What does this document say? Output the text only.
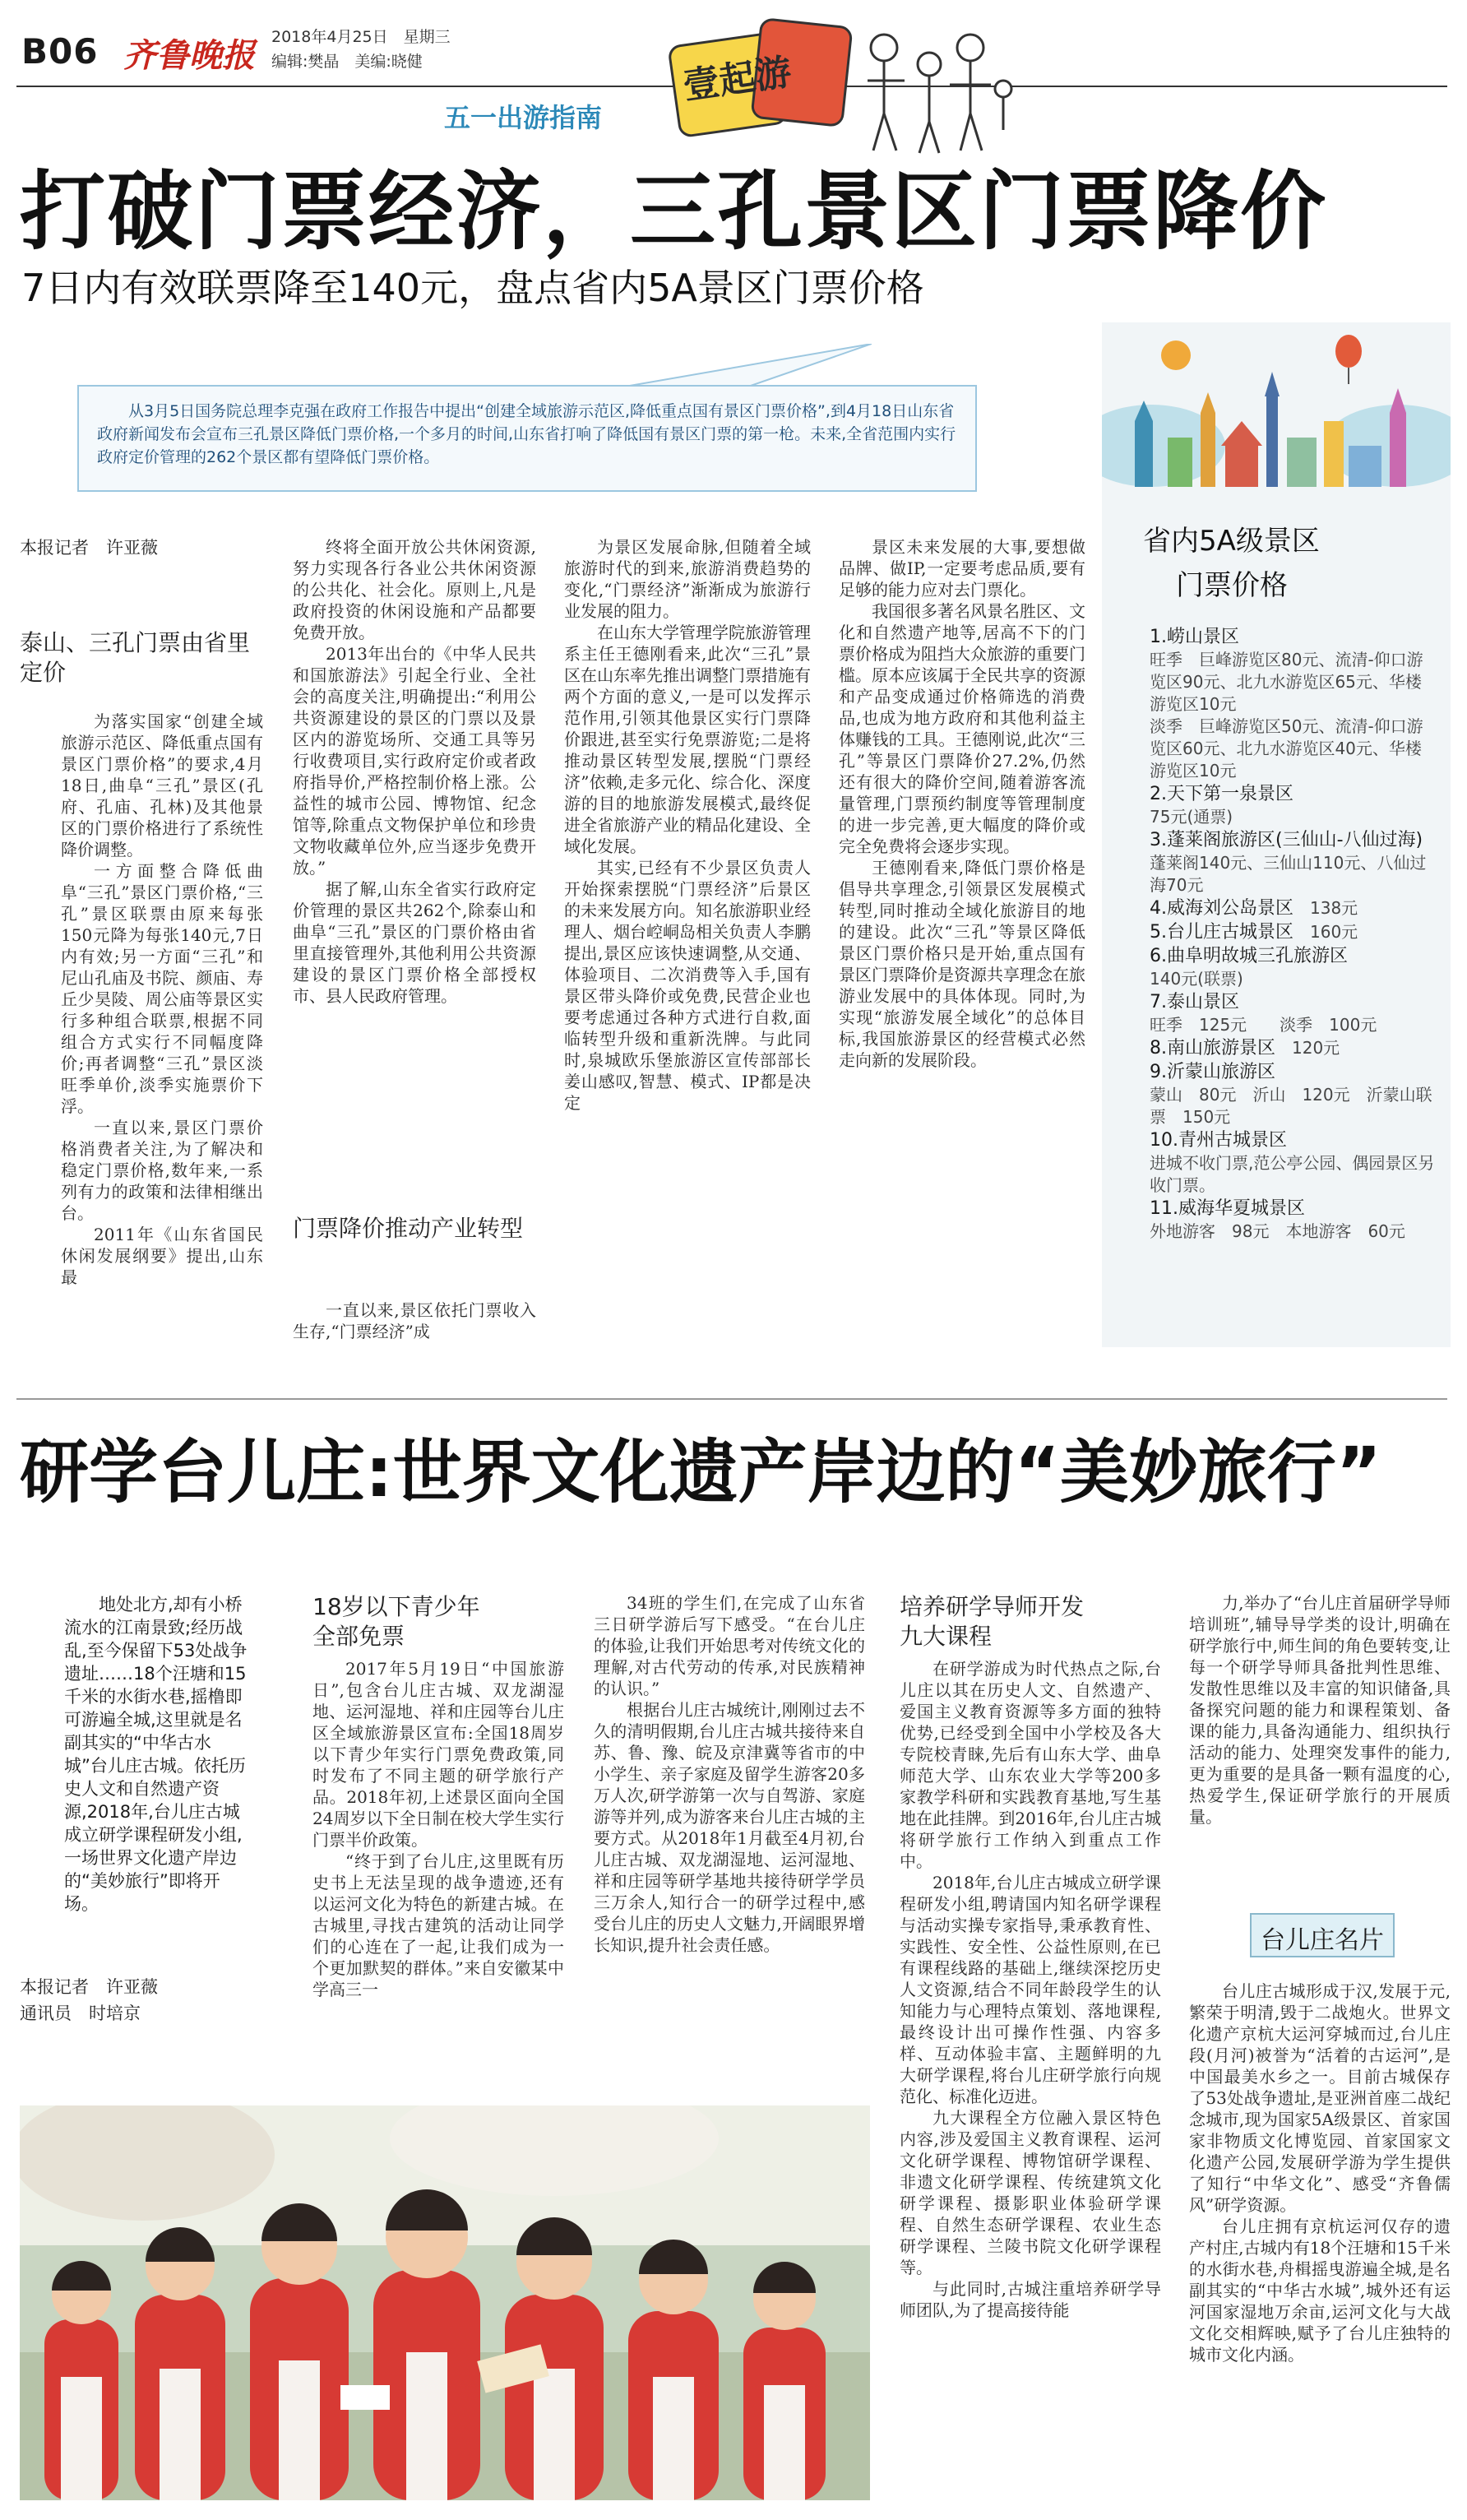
B06 齐鲁晚报 2018年4月25日　星期三
编辑:樊晶　美编:晓健	壹起游
五一出游指南
打破门票经济，三孔景区门票降价
7日内有效联票降至140元，盘点省内5A景区门票价格
从3月5日国务院总理李克强在政府工作报告中提出“创建全域旅游示范区,降低重点国有景区门票价格”,到4月18日山东省政府新闻发布会宣布三孔景区降低门票价格,一个多月的时间,山东省打响了降低国有景区门票的第一枪。未来,全省范围内实行政府定价管理的262个景区都有望降低门票价格。
本报记者　许亚薇
泰山、三孔门票由省里定价

为落实国家“创建全域旅游示范区、降低重点国有景区门票价格”的要求,4月18日,曲阜“三孔”景区(孔府、孔庙、孔林)及其他景区的门票价格进行了系统性降价调整。

一方面整合降低曲阜“三孔”景区门票价格,“三孔”景区联票由原来每张150元降为每张140元,7日内有效;另一方面“三孔”和尼山孔庙及书院、颜庙、寿丘少昊陵、周公庙等景区实行多种组合联票,根据不同组合方式实行不同幅度降价;再者调整“三孔”景区淡旺季单价,淡季实施票价下浮。

一直以来,景区门票价格消费者关注,为了解决和稳定门票价格,数年来,一系列有力的政策和法律相继出台。

2011年《山东省国民休闲发展纲要》提出,山东最

终将全面开放公共休闲资源,努力实现各行各业公共休闲资源的公共化、社会化。原则上,凡是政府投资的休闲设施和产品都要免费开放。

2013年出台的《中华人民共和国旅游法》引起全行业、全社会的高度关注,明确提出:“利用公共资源建设的景区的门票以及景区内的游览场所、交通工具等另行收费项目,实行政府定价或者政府指导价,严格控制价格上涨。公益性的城市公园、博物馆、纪念馆等,除重点文物保护单位和珍贵文物收藏单位外,应当逐步免费开放。”

据了解,山东全省实行政府定价管理的景区共262个,除泰山和曲阜“三孔”景区的门票价格由省里直接管理外,其他利用公共资源建设的景区门票价格全部授权市、县人民政府管理。

门票降价推动产业转型

一直以来,景区依托门票收入生存,“门票经济”成

为景区发展命脉,但随着全域旅游时代的到来,旅游消费趋势的变化,“门票经济”渐渐成为旅游行业发展的阻力。

在山东大学管理学院旅游管理系主任王德刚看来,此次“三孔”景区在山东率先推出调整门票措施有两个方面的意义,一是可以发挥示范作用,引领其他景区实行门票降价跟进,甚至实行免票游览;二是将推动景区转型发展,摆脱“门票经济”依赖,走多元化、综合化、深度游的目的地旅游发展模式,最终促进全省旅游产业的精品化建设、全域化发展。

其实,已经有不少景区负责人开始探索摆脱“门票经济”后景区的未来发展方向。知名旅游职业经理人、烟台崆峒岛相关负责人李鹏提出,景区应该快速调整,从交通、体验项目、二次消费等入手,国有景区带头降价或免费,民营企业也要考虑通过各种方式进行自救,面临转型升级和重新洗牌。与此同时,泉城欧乐堡旅游区宣传部部长姜山感叹,智慧、模式、IP都是决定

景区未来发展的大事,要想做品牌、做IP,一定要考虑品质,要有足够的能力应对去门票化。

我国很多著名风景名胜区、文化和自然遗产地等,居高不下的门票价格成为阻挡大众旅游的重要门槛。原本应该属于全民共享的资源和产品变成通过价格筛选的消费品,也成为地方政府和其他利益主体赚钱的工具。王德刚说,此次“三孔”等景区门票降价27.2%,仍然还有很大的降价空间,随着游客流量管理,门票预约制度等管理制度的进一步完善,更大幅度的降价或完全免费将会逐步实现。

王德刚看来,降低门票价格是倡导共享理念,引领景区发展模式转型,同时推动全域化旅游目的地的建设。此次“三孔”等景区降低景区门票价格只是开始,重点国有景区门票降价是资源共享理念在旅游业发展中的具体体现。同时,为实现“旅游发展全域化”的总体目标,我国旅游景区的经营模式必然走向新的发展阶段。

省内5A级景区
门票价格
1.崂山景区
旺季　巨峰游览区80元、流清-仰口游览区90元、北九水游览区65元、华楼游览区10元
淡季　巨峰游览区50元、流清-仰口游览区60元、北九水游览区40元、华楼游览区10元
2.天下第一泉景区
75元(通票)
3.蓬莱阁旅游区(三仙山-八仙过海)
蓬莱阁140元、三仙山110元、八仙过海70元
4.威海刘公岛景区　 138元
5.台儿庄古城景区　 160元
6.曲阜明故城三孔旅游区
140元(联票)
7.泰山景区
旺季　125元　　淡季　100元
8.南山旅游景区　 120元
9.沂蒙山旅游区
蒙山　80元　沂山　120元　沂蒙山联票　150元
10.青州古城景区
进城不收门票,范公亭公园、偶园景区另收门票。
11.威海华夏城景区
外地游客　98元　本地游客　60元
研学台儿庄:世界文化遗产岸边的“美妙旅行”
地处北方,却有小桥流水的江南景致;经历战乱,至今保留下53处战争遗址……18个汪塘和15千米的水街水巷,摇橹即可游遍全城,这里就是名副其实的“中华古水城”台儿庄古城。依托历史人文和自然遗产资源,2018年,台儿庄古城成立研学课程研发小组,一场世界文化遗产岸边的“美妙旅行”即将开场。
本报记者　许亚薇
通讯员　时培京
18岁以下青少年全部免票

2017年5月19日“中国旅游日”,包含台儿庄古城、双龙湖湿地、运河湿地、祥和庄园等台儿庄区全域旅游景区宣布:全国18周岁以下青少年实行门票免费政策,同时发布了不同主题的研学旅行产品。2018年初,上述景区面向全国24周岁以下全日制在校大学生实行门票半价政策。

“终于到了台儿庄,这里既有历史书上无法呈现的战争遗迹,还有以运河文化为特色的新建古城。在古城里,寻找古建筑的活动让同学们的心连在了一起,让我们成为一个更加默契的群体。”来自安徽某中学高三一

34班的学生们,在完成了山东省三日研学游后写下感受。“在台儿庄的体验,让我们开始思考对传统文化的理解,对古代劳动的传承,对民族精神的认识。”

根据台儿庄古城统计,刚刚过去不久的清明假期,台儿庄古城共接待来自苏、鲁、豫、皖及京津冀等省市的中小学生、亲子家庭及留学生游客20多万人次,研学游第一次与自驾游、家庭游等并列,成为游客来台儿庄古城的主要方式。从2018年1月截至4月初,台儿庄古城、双龙湖湿地、运河湿地、祥和庄园等研学基地共接待研学学员三万余人,知行合一的研学过程中,感受台儿庄的历史人文魅力,开阔眼界增长知识,提升社会责任感。

培养研学导师开发九大课程

在研学游成为时代热点之际,台儿庄以其在历史人文、自然遗产、爱国主义教育资源等多方面的独特优势,已经受到全国中小学校及各大专院校青睐,先后有山东大学、曲阜师范大学、山东农业大学等200多家教学科研和实践教育基地,写生基地在此挂牌。到2016年,台儿庄古城将研学旅行工作纳入到重点工作中。

2018年,台儿庄古城成立研学课程研发小组,聘请国内知名研学课程与活动实操专家指导,秉承教育性、实践性、安全性、公益性原则,在已有课程线路的基础上,继续深挖历史人文资源,结合不同年龄段学生的认知能力与心理特点策划、落地课程,最终设计出可操作性强、内容多样、互动体验丰富、主题鲜明的九大研学课程,将台儿庄研学旅行向规范化、标准化迈进。

九大课程全方位融入景区特色内容,涉及爱国主义教育课程、运河文化研学课程、博物馆研学课程、非遗文化研学课程、传统建筑文化研学课程、摄影职业体验研学课程、自然生态研学课程、农业生态研学课程、兰陵书院文化研学课程等。

与此同时,古城注重培养研学导师团队,为了提高接待能

力,举办了“台儿庄首届研学导师培训班”,辅导导学类的设计,明确在研学旅行中,师生间的角色要转变,让每一个研学导师具备批判性思维、发散性思维以及丰富的知识储备,具备探究问题的能力和课程策划、备课的能力,具备沟通能力、组织执行活动的能力、处理突发事件的能力,更为重要的是具备一颗有温度的心,热爱学生,保证研学旅行的开展质量。

台儿庄名片

台儿庄古城形成于汉,发展于元,繁荣于明清,毁于二战炮火。世界文化遗产京杭大运河穿城而过,台儿庄段(月河)被誉为“活着的古运河”,是中国最美水乡之一。目前古城保存了53处战争遗址,是亚洲首座二战纪念城市,现为国家5A级景区、首家国家非物质文化博览园、首家国家文化遗产公园,发展研学游为学生提供了知行“中华文化”、感受“齐鲁儒风”研学资源。

台儿庄拥有京杭运河仅存的遗产村庄,古城内有18个汪塘和15千米的水街水巷,舟楫摇曳游遍全城,是名副其实的“中华古水城”,城外还有运河国家湿地万余亩,运河文化与大战文化交相辉映,赋予了台儿庄独特的城市文化内涵。
